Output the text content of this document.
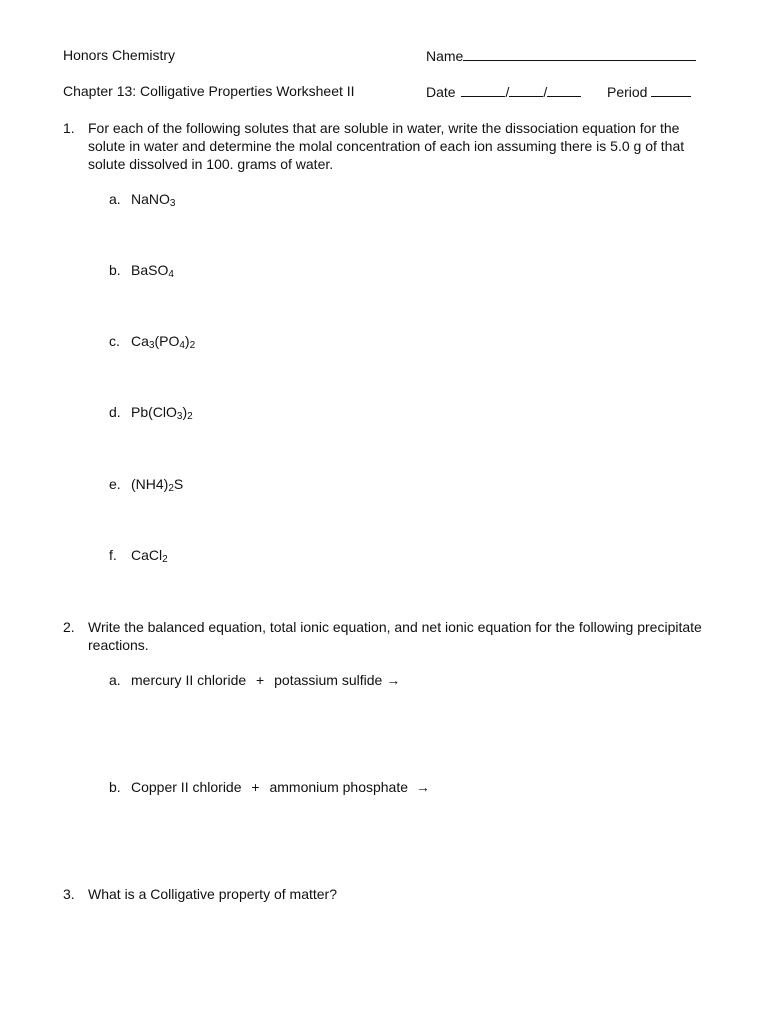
Honors Chemistry	Name
Chapter 13: Colligative Properties Worksheet II	Date	/ /	Period
1. For each of the following solutes that are soluble in water, write the dissociation equation for the solute in water and determine the molal concentration of each ion assuming there is 5.0 g of that solute dissolved in 100. grams of water.
a. NaNO$_3$
b. BaSO$_4$
c. $Ca_3(PO_4)_2$
d. $Pb(ClO_3)_2$
e. $(NH4)_2S$
f. CaCl$_2$
2. Write the balanced equation, total ionic equation, and net ionic equation for the following precipitate reactions.
a. mercury II chloride + potassium sulfide →
b. Copper II chloride + ammonium phosphate →
3. What is a Colligative property of matter?
